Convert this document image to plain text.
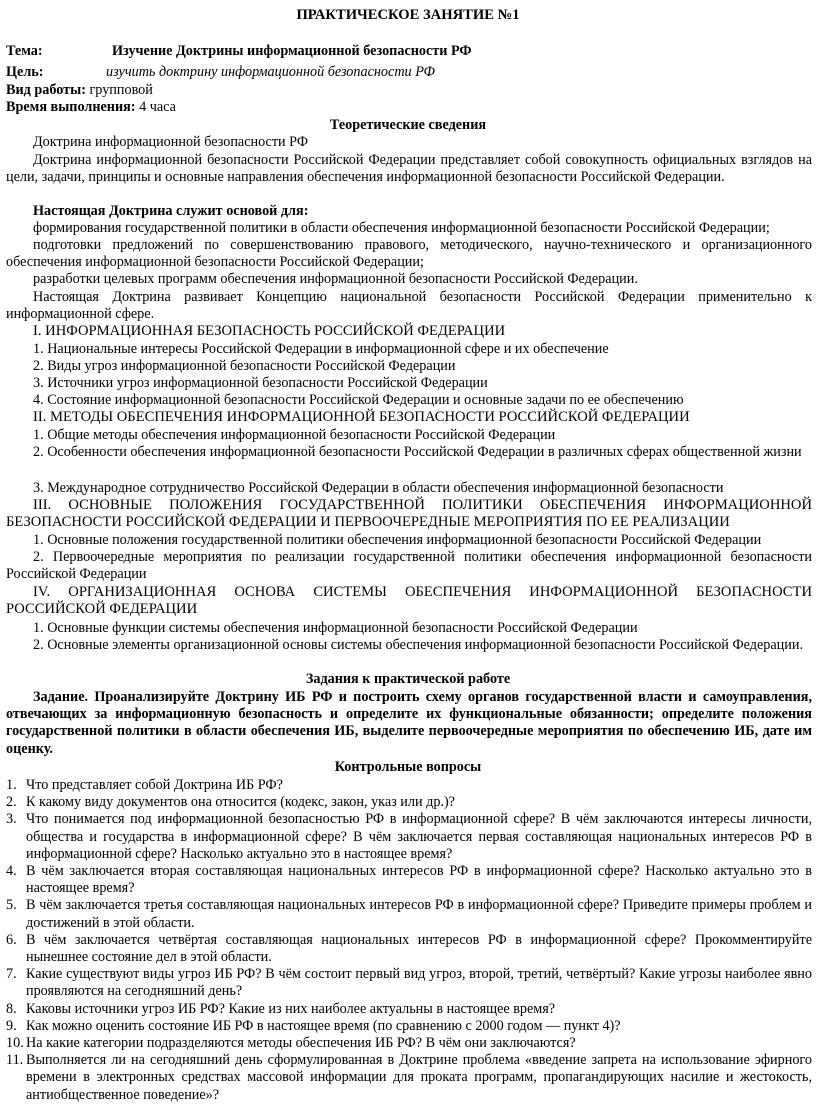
ПРАКТИЧЕСКОЕ ЗАНЯТИЕ №1
Тема:	Изучение Доктрины информационной безопасности РФ
Цель:	изучить доктрину информационной безопасности РФ
Вид работы: групповой
Время выполнения: 4 часа
Теоретические сведения
Доктрина информационной безопасности РФ
Доктрина информационной безопасности Российской Федерации представляет собой совокупность официальных взглядов на цели, задачи, принципы и основные направления обеспечения информационной безопасности Российской Федерации.
Настоящая Доктрина служит основой для:
формирования государственной политики в области обеспечения информационной безопасности Российской Федерации;
подготовки предложений по совершенствованию правового, методического, научно-технического и организационного обеспечения информационной безопасности Российской Федерации;
разработки целевых программ обеспечения информационной безопасности Российской Федерации.
Настоящая Доктрина развивает Концепцию национальной безопасности Российской Федерации применительно к информационной сфере.
I. ИНФОРМАЦИОННАЯ БЕЗОПАСНОСТЬ РОССИЙСКОЙ ФЕДЕРАЦИИ
1. Национальные интересы Российской Федерации в информационной сфере и их обеспечение
2. Виды угроз информационной безопасности Российской Федерации
3. Источники угроз информационной безопасности Российской Федерации
4. Состояние информационной безопасности Российской Федерации и основные задачи по ее обеспечению
II. МЕТОДЫ ОБЕСПЕЧЕНИЯ ИНФОРМАЦИОННОЙ БЕЗОПАСНОСТИ РОССИЙСКОЙ ФЕДЕРАЦИИ
1. Общие методы обеспечения информационной безопасности Российской Федерации
2. Особенности обеспечения информационной безопасности Российской Федерации в различных сферах общественной жизни
3. Международное сотрудничество Российской Федерации в области обеспечения информационной безопасности
III. ОСНОВНЫЕ ПОЛОЖЕНИЯ ГОСУДАРСТВЕННОЙ ПОЛИТИКИ ОБЕСПЕЧЕНИЯ ИНФОРМАЦИОННОЙ БЕЗОПАСНОСТИ РОССИЙСКОЙ ФЕДЕРАЦИИ И ПЕРВООЧЕРЕДНЫЕ МЕРОПРИЯТИЯ ПО ЕЕ РЕАЛИЗАЦИИ
1. Основные положения государственной политики обеспечения информационной безопасности Российской Федерации
2. Первоочередные мероприятия по реализации государственной политики обеспечения информационной безопасности Российской Федерации
IV. ОРГАНИЗАЦИОННАЯ ОСНОВА СИСТЕМЫ ОБЕСПЕЧЕНИЯ ИНФОРМАЦИОННОЙ БЕЗОПАСНОСТИ РОССИЙСКОЙ ФЕДЕРАЦИИ
1. Основные функции системы обеспечения информационной безопасности Российской Федерации
2. Основные элементы организационной основы системы обеспечения информационной безопасности Российской Федерации.
Задания к практической работе
Задание. Проанализируйте Доктрину ИБ РФ и построить схему органов государственной власти и самоуправления, отвечающих за информационную безопасность и определите их функциональные обязанности; определите положения государственной политики в области обеспечения ИБ, выделите первоочередные мероприятия по обеспечению ИБ, дате им оценку.
Контрольные вопросы
1. Что представляет собой Доктрина ИБ РФ?
2. К какому виду документов она относится (кодекс, закон, указ или др.)?
3. Что понимается под информационной безопасностью РФ в информационной сфере? В чём заключаются интересы личности, общества и государства в информационной сфере? В чём заключается первая составляющая национальных интересов РФ в информационной сфере? Насколько актуально это в настоящее время?
4. В чём заключается вторая составляющая национальных интересов РФ в информационной сфере? Насколько актуально это в настоящее время?
5. В чём заключается третья составляющая национальных интересов РФ в информационной сфере? Приведите примеры проблем и достижений в этой области.
6. В чём заключается четвёртая составляющая национальных интересов РФ в информационной сфере? Прокомментируйте нынешнее состояние дел в этой области.
7. Какие существуют виды угроз ИБ РФ? В чём состоит первый вид угроз, второй, третий, четвёртый? Какие угрозы наиболее явно проявляются на сегодняшний день?
8. Каковы источники угроз ИБ РФ? Какие из них наиболее актуальны в настоящее время?
9. Как можно оценить состояние ИБ РФ в настоящее время (по сравнению с 2000 годом — пункт 4)?
10. На какие категории подразделяются методы обеспечения ИБ РФ? В чём они заключаются?
11. Выполняется ли на сегодняшний день сформулированная в Доктрине проблема «введение запрета на использование эфирного времени в электронных средствах массовой информации для проката программ, пропагандирующих насилие и жестокость, антиобщественное поведение»?
